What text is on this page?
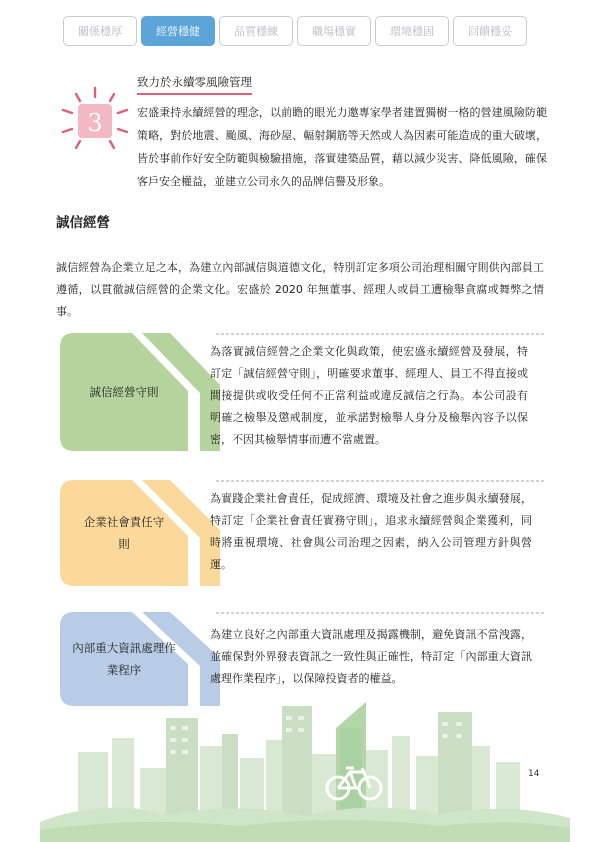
關係穩厚	經營穩健	品質穩練	職場穩實	環境穩固	回饋穩妥
3
致力於永續零風險管理
宏盛秉持永續經營的理念，以前瞻的眼光力邀專家學者建置獨樹一格的營建風險防範策略，對於地震、颱風、海砂屋、輻射鋼筋等天然或人為因素可能造成的重大破壞，皆於事前作好安全防範與檢驗措施，落實建築品質，藉以減少災害、降低風險，確保客戶安全權益，並建立公司永久的品牌信譽及形象。
誠信經營
誠信經營為企業立足之本，為建立內部誠信與道德文化，特別訂定多項公司治理相關守則供內部員工遵循，以貫徹誠信經營的企業文化。宏盛於 2020 年無董事、經理人或員工遭檢舉貪腐或舞弊之情事。
誠信經營守則
為落實誠信經營之企業文化與政策，使宏盛永續經營及發展，特訂定「誠信經營守則」，明確要求董事、經理人、員工不得直接或間接提供或收受任何不正當利益或違反誠信之行為。本公司設有明確之檢舉及懲戒制度，並承諾對檢舉人身分及檢舉內容予以保密，不因其檢舉情事而遭不當處置。
企業社會責任守則
為實踐企業社會責任，促成經濟、環境及社會之進步與永續發展，特訂定「企業社會責任實務守則」，追求永續經營與企業獲利，同時將重視環境、社會與公司治理之因素，納入公司管理方針與營運。
內部重大資訊處理作業程序
為建立良好之內部重大資訊處理及揭露機制，避免資訊不當洩露，並確保對外界發表資訊之一致性與正確性，特訂定「內部重大資訊處理作業程序」，以保障投資者的權益。
14
